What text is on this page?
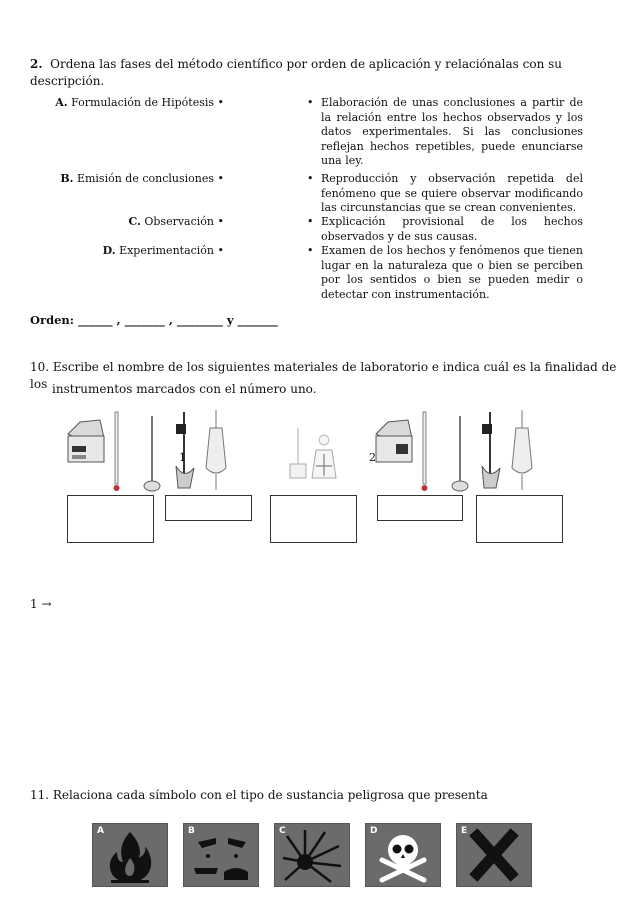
2. Ordena las fases del método científico por orden de aplicación y relaciónalas con su descripción.
A. Formulación de Hipótesis •
B. Emisión de conclusiones •
C. Observación •
D. Experimentación •
• Elaboración de unas conclusiones a partir de la relación entre los hechos observados y los datos experimentales. Si las conclusiones reflejan hechos repetibles, puede enunciarse una ley.
• Reproducción y observación repetida del fenómeno que se quiere observar modificando las circunstancias que se crean convenientes.
• Explicación provisional de los hechos observados y de sus causas.
• Examen de los hechos y fenómenos que tienen lugar en la naturaleza que o bien se perciben por los sentidos o bien se pueden medir o detectar con instrumentación.
Orden: ______ , _______ , ________ y _______
10. Escribe el nombre de los siguientes materiales de laboratorio e indica cuál es la finalidad de los instrumentos marcados con el número uno.
1	2
1 →
11. Relaciona cada símbolo con el tipo de sustancia peligrosa que presenta
A	B	C	D	E
